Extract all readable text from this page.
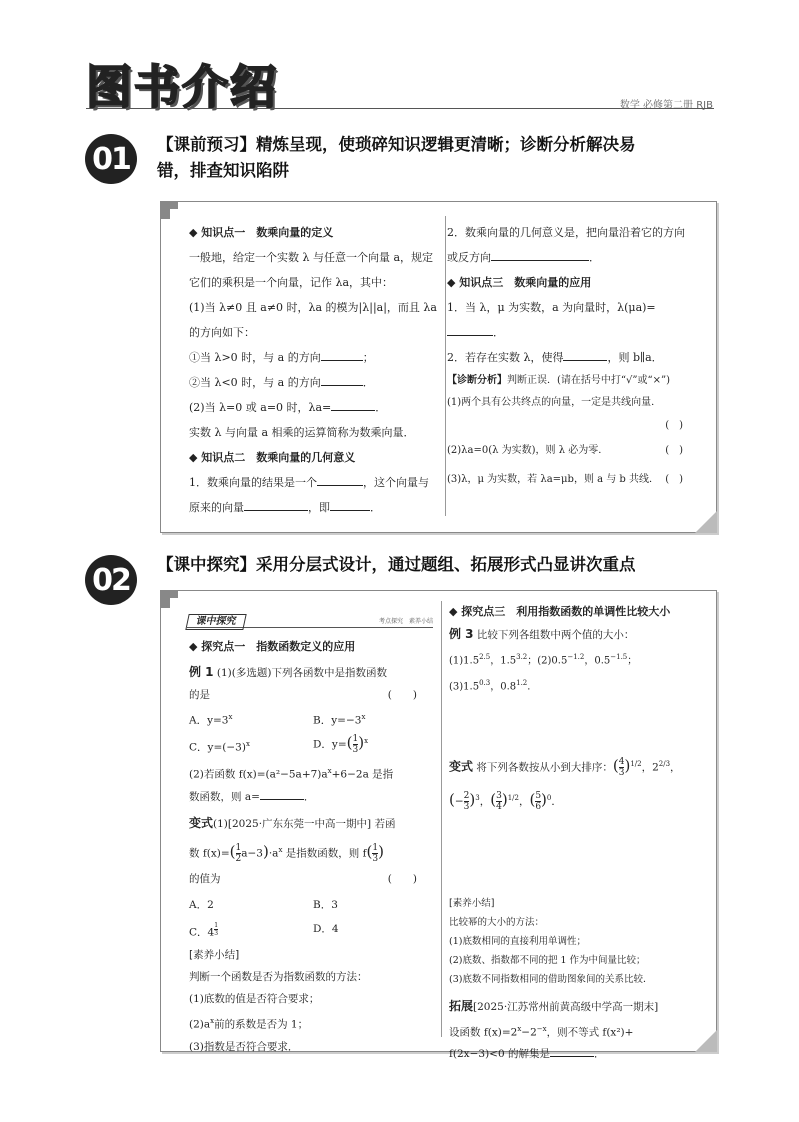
图书介绍	数学 必修第二册 RJB
01 【课前预习】精炼呈现，使琐碎知识逻辑更清晰；诊断分析解决易
错，排查知识陷阱

◆ 知识点一　数乘向量的定义

一般地，给定一个实数 λ 与任意一个向量 a，规定

它们的乘积是一个向量，记作 λa，其中：

(1)当 λ≠0 且 a≠0 时，λa 的模为|λ||a|，而且 λa

的方向如下：

①当 λ>0 时，与 a 的方向	；

②当 λ<0 时，与 a 的方向	．

(2)当 λ=0 或 a=0 时，λa=	．

实数 λ 与向量 a 相乘的运算简称为数乘向量．

◆ 知识点二　数乘向量的几何意义

1．数乘向量的结果是一个	，这个向量与

原来的向量	，即	．

2．数乘向量的几何意义是，把向量沿着它的方向

或反方向	．

◆ 知识点三　数乘向量的应用

1．当 λ，μ 为实数，a 为向量时，λ(μa)=．

2．若存在实数 λ，使得	，则 b∥a．

【诊断分析】判断正误．(请在括号中打“√”或“×”)

(1)两个具有公共终点的向量，一定是共线向量．

(　)

(2)λa=0(λ 为实数)，则 λ 必为零．	(　)

(3)λ，μ 为实数，若 λa=μb，则 a 与 b 共线． (　)

02 【课中探究】采用分层式设计，通过题组、拓展形式凸显讲次重点
课中探究	考点探究　素养小结

◆ 探究点一　指数函数定义的应用

例 1 (1)(多选题)下列各函数中是指数函数

的是	(　　)

A．$y=3^x$	B．$y=-3^x$

C．$y=(-3)^x$	D．$y=( \frac{1}{3} )^x$

(2)若函数 $f(x)=(a^2-5a+7)a^x+6-2a$ 是指

数函数，则 a=	．

变式(1)[2025·广东东莞一中高一期中] 若函

数 $f(x)=( \frac{1}{2} a-3)\cdot a^x$ 是指数函数，则 $f( \frac{1}{3}$ )

的值为	(　　)

A．2	B．3

C．4 $^{\frac{1}{3}}$	D．4

[素养小结]

判断一个函数是否为指数函数的方法：

(1)底数的值是否符合要求；

$(2)a^x$前的系数是否为 1；

(3)指数是否符合要求．

◆ 探究点三　利用指数函数的单调性比较大小

例 3 比较下列各组数中两个值的大小：

$(1)1.5^{2.5}$，$1.5^{3.2}$；$(2)0.5^{-1.2}$，$0.5^{-1.5}$；

$(3)1.5^{0.3}$，$0.8^{1.2}$．

变式 将下列各数按从小到大排序：( $\frac{4}{3} )^{1/2}$，$2^{2/3}$，

(− $\frac{2}{3} )^3$，( $\frac{3}{4} )^{1/2}$，( $\frac{5}{6} )^0$．

[素养小结]

比较幂的大小的方法：

(1)底数相同的直接利用单调性；

(2)底数、指数都不同的把 1 作为中间量比较；

(3)底数不同指数相同的借助图象间的关系比较．

拓展[2025·江苏常州前黄高级中学高一期末]

设函数 $f(x)=2^x-2^{-x}$，则不等式 f(x²)+

f(2x−3)<0 的解集是	．
